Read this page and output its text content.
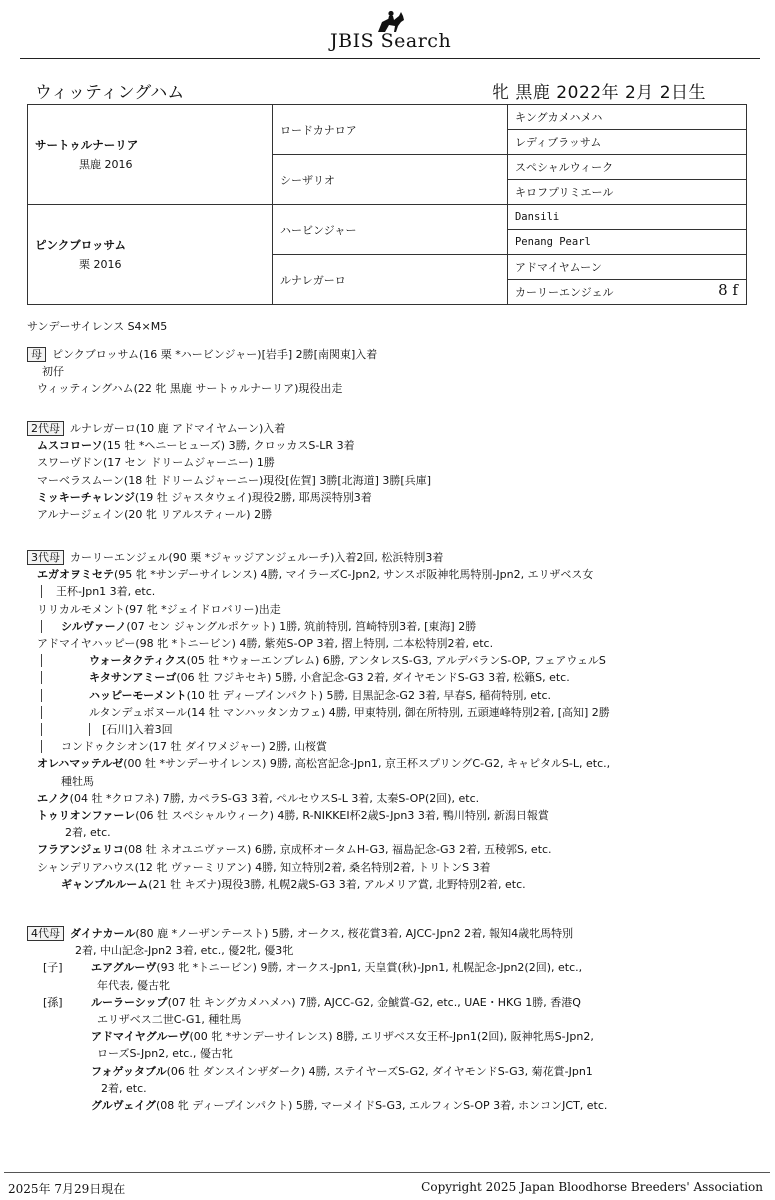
JBIS Search
ウィッティングハム	牝 黒鹿 2022年 2月 2日生
サートゥルナーリア
黒鹿 2016	ロードカナロア	キングカメハメハ
		レディブラッサム
	シーザリオ	スペシャルウィーク
		キロフプリミエール
ピンクブロッサム
栗 2016	ハービンジャー	Dansili
		Penang Pearl
	ルナレガーロ	アドマイヤムーン
		カーリーエンジェル 8 f
サンデーサイレンス S4×M5
母 ピンクブロッサム(16 栗 *ハービンジャー)[岩手] 2勝[南関東]入着
初仔
ウィッティングハム(22 牝 黒鹿 サートゥルナーリア)現役出走
2代母 ルナレガーロ(10 鹿 アドマイヤムーン)入着
ムスコローソ(15 牡 *ヘニーヒューズ) 3勝, クロッカスS-LR 3着
スワーヴドン(17 セン ドリームジャーニー) 1勝
マーベラスムーン(18 牡 ドリームジャーニー)現役[佐賀] 3勝[北海道] 3勝[兵庫]
ミッキーチャレンジ(19 牡 ジャスタウェイ)現役2勝, 耶馬渓特別3着
アルナージェイン(20 牝 リアルスティール) 2勝
3代母 カーリーエンジェル(90 栗 *ジャッジアンジェルーチ)入着2回, 松浜特別3着
エガオヲミセテ(95 牝 *サンデーサイレンス) 4勝, マイラーズC-Jpn2, サンスポ阪神牝馬特別-Jpn2, エリザベス女
王杯-Jpn1 3着, etc.
リリカルモメント(97 牝 *ジェイドロバリー)出走
シルヴァーノ(07 セン ジャングルポケット) 1勝, 筑前特別, 筥崎特別3着, [東海] 2勝
アドマイヤハッピー(98 牝 *トニービン) 4勝, 紫苑S-OP 3着, 摺上特別, 二本松特別2着, etc.
ウォータクティクス(05 牡 *ウォーエンブレム) 6勝, アンタレスS-G3, アルデバランS-OP, フェアウェルS
キタサンアミーゴ(06 牡 フジキセキ) 5勝, 小倉記念-G3 2着, ダイヤモンドS-G3 3着, 松籟S, etc.
ハッピーモーメント(10 牡 ディープインパクト) 5勝, 目黒記念-G2 3着, 早春S, 稲荷特別, etc.
ルタンデュボヌール(14 牡 マンハッタンカフェ) 4勝, 甲東特別, 御在所特別, 五頭連峰特別2着, [高知] 2勝
[石川]入着3回
コンドゥクシオン(17 牡 ダイワメジャー) 2勝, 山桜賞
オレハマッテルゼ(00 牡 *サンデーサイレンス) 9勝, 高松宮記念-Jpn1, 京王杯スプリングC-G2, キャピタルS-L, etc.,
種牡馬
エノク(04 牡 *クロフネ) 7勝, カペラS-G3 3着, ペルセウスS-L 3着, 太秦S-OP(2回), etc.
トゥリオンファーレ(06 牡 スペシャルウィーク) 4勝, R-NIKKEI杯2歳S-Jpn3 3着, 鴨川特別, 新潟日報賞
2着, etc.
フラアンジェリコ(08 牡 ネオユニヴァース) 6勝, 京成杯オータムH-G3, 福島記念-G3 2着, 五稜郭S, etc.
シャンデリアハウス(12 牝 ヴァーミリアン) 4勝, 知立特別2着, 桑名特別2着, トリトンS 3着
ギャンブルルーム(21 牡 キズナ)現役3勝, 札幌2歳S-G3 3着, アルメリア賞, 北野特別2着, etc.
4代母 ダイナカール(80 鹿 *ノーザンテースト) 5勝, オークス, 桜花賞3着, AJCC-Jpn2 2着, 報知4歳牝馬特別
2着, 中山記念-Jpn2 3着, etc., 優2牝, 優3牝
[子]	エアグルーヴ(93 牝 *トニービン) 9勝, オークス-Jpn1, 天皇賞(秋)-Jpn1, 札幌記念-Jpn2(2回), etc.,
年代表, 優古牝
[孫]	ルーラーシップ(07 牡 キングカメハメハ) 7勝, AJCC-G2, 金鯱賞-G2, etc., UAE・HKG 1勝, 香港Q
エリザベス二世C-G1, 種牡馬
アドマイヤグルーヴ(00 牝 *サンデーサイレンス) 8勝, エリザベス女王杯-Jpn1(2回), 阪神牝馬S-Jpn2,
ローズS-Jpn2, etc., 優古牝
フォゲッタブル(06 牡 ダンスインザダーク) 4勝, ステイヤーズS-G2, ダイヤモンドS-G3, 菊花賞-Jpn1
2着, etc.
グルヴェイグ(08 牝 ディープインパクト) 5勝, マーメイドS-G3, エルフィンS-OP 3着, ホンコンJCT, etc.
2025年 7月29日現在	Copyright 2025 Japan Bloodhorse Breeders' Association
